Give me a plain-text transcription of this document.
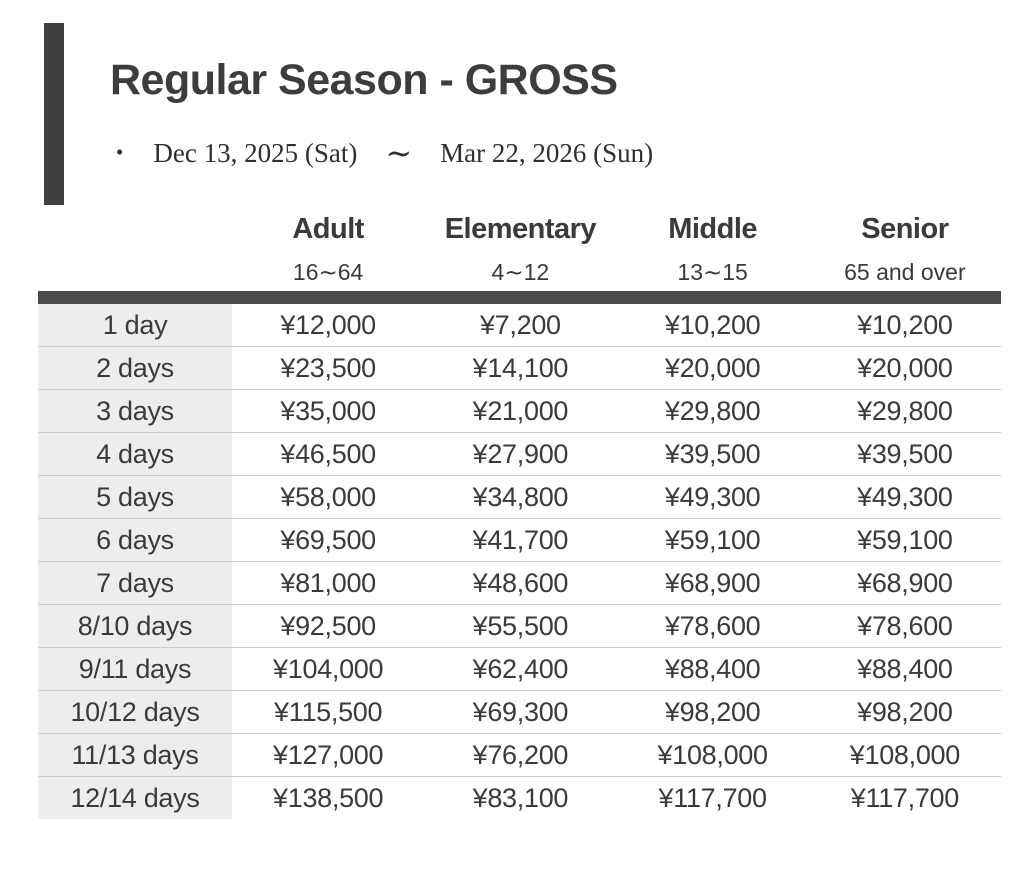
Regular Season - GROSS
• Dec 13, 2025 (Sat) ∼ Mar 22, 2026 (Sun)
	Adult	Elementary	Middle	Senior
	16∼64	4∼12	13∼15	65 and over
1 day	¥12,000	¥7,200	¥10,200	¥10,200
2 days	¥23,500	¥14,100	¥20,000	¥20,000
3 days	¥35,000	¥21,000	¥29,800	¥29,800
4 days	¥46,500	¥27,900	¥39,500	¥39,500
5 days	¥58,000	¥34,800	¥49,300	¥49,300
6 days	¥69,500	¥41,700	¥59,100	¥59,100
7 days	¥81,000	¥48,600	¥68,900	¥68,900
8/10 days	¥92,500	¥55,500	¥78,600	¥78,600
9/11 days	¥104,000	¥62,400	¥88,400	¥88,400
10/12 days	¥115,500	¥69,300	¥98,200	¥98,200
11/13 days	¥127,000	¥76,200	¥108,000	¥108,000
12/14 days	¥138,500	¥83,100	¥117,700	¥117,700
